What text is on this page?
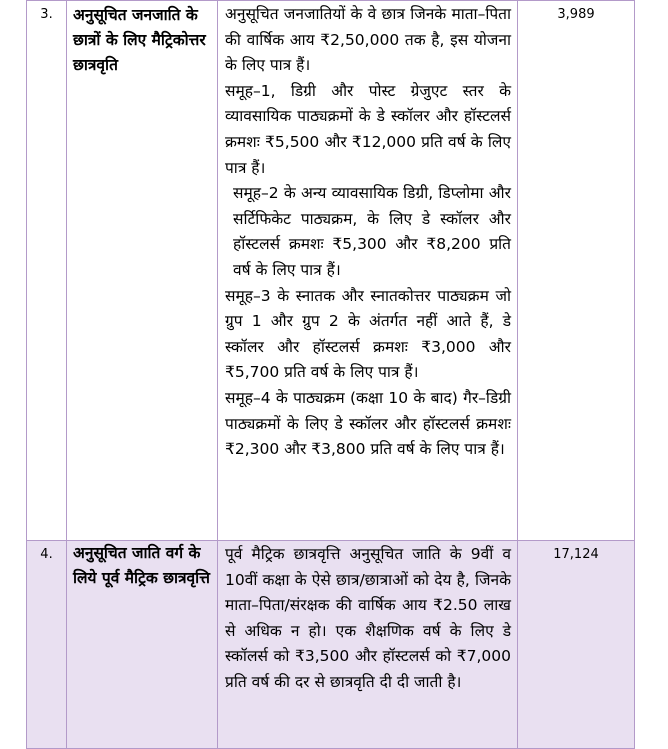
3.	अनुसूचित जनजाति के छात्रों के लिए मैट्रिकोत्तर छात्रवृति	अनुसूचित जनजातियों के वे छात्र जिनके माता–पिता की वार्षिक आय ₹2,50,000 तक है, इस योजना के लिए पात्र हैं।

समूह–1, डिग्री और पोस्ट ग्रेजुएट स्तर के व्यावसायिक पाठ्यक्रमों के डे स्कॉलर और हॉस्टलर्स क्रमशः ₹5,500 और ₹12,000 प्रति वर्ष के लिए पात्र हैं।

समूह–2 के अन्य व्यावसायिक डिग्री, डिप्लोमा और सर्टिफिकेट पाठ्यक्रम, के लिए डे स्कॉलर और हॉस्टलर्स क्रमशः ₹5,300 और ₹8,200 प्रति वर्ष के लिए पात्र हैं।

समूह–3 के स्नातक और स्नातकोत्तर पाठ्यक्रम जो ग्रुप 1 और ग्रुप 2 के अंतर्गत नहीं आते हैं, डे स्कॉलर और हॉस्टलर्स क्रमशः ₹3,000 और ₹5,700 प्रति वर्ष के लिए पात्र हैं।

समूह–4 के पाठ्यक्रम (कक्षा 10 के बाद) गैर–डिग्री पाठ्यक्रमों के लिए डे स्कॉलर और हॉस्टलर्स क्रमशः ₹2,300 और ₹3,800 प्रति वर्ष के लिए पात्र हैं।	3,989
4.	अनुसूचित जाति वर्ग के लिये पूर्व मैट्रिक छात्रवृत्ति	पूर्व मैट्रिक छात्रवृत्ति अनुसूचित जाति के 9वीं व 10वीं कक्षा के ऐसे छात्र/छात्राओं को देय है, जिनके माता–पिता/संरक्षक की वार्षिक आय ₹2.50 लाख से अधिक न हो। एक शैक्षणिक वर्ष के लिए डे स्कॉलर्स को ₹3,500 और हॉस्टलर्स को ₹7,000 प्रति वर्ष की दर से छात्रवृति दी दी जाती है।	17,124
